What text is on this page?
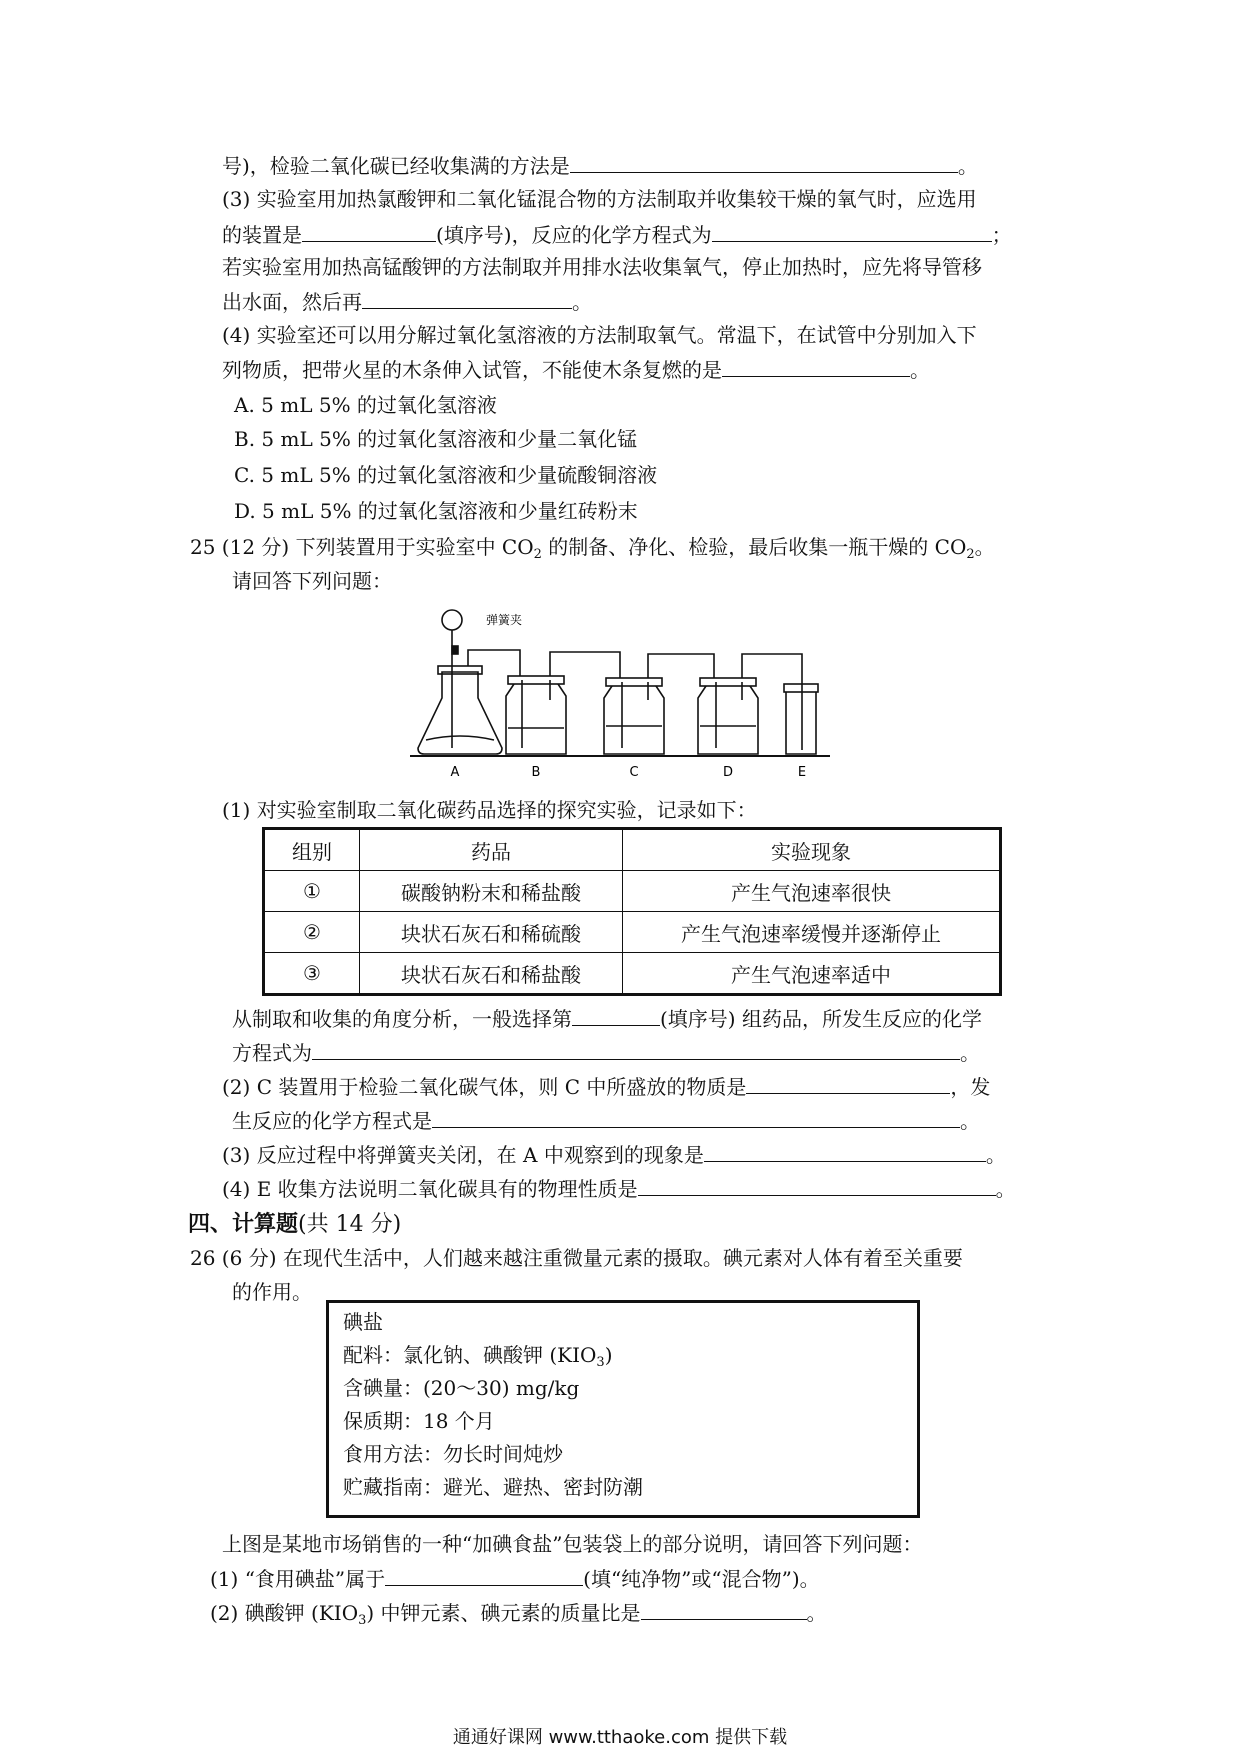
号)，检验二氧化碳已经收集满的方法是	。
(3) 实验室用加热氯酸钾和二氧化锰混合物的方法制取并收集较干燥的氧气时，应选用
的装置是	(填序号)，反应的化学方程式为	；
若实验室用加热高锰酸钾的方法制取并用排水法收集氧气，停止加热时，应先将导管移
出水面，然后再	。
(4) 实验室还可以用分解过氧化氢溶液的方法制取氧气。常温下，在试管中分别加入下
列物质，把带火星的木条伸入试管，不能使木条复燃的是	。
A. 5 mL 5% 的过氧化氢溶液
B. 5 mL 5% 的过氧化氢溶液和少量二氧化锰
C. 5 mL 5% 的过氧化氢溶液和少量硫酸铜溶液
D. 5 mL 5% 的过氧化氢溶液和少量红砖粉末
25 (12 分) 下列装置用于实验室中 $CO_2$ 的制备、净化、检验，最后收集一瓶干燥的 $CO_2$。
请回答下列问题：
弹簧夹
A	B	C	D	E
(1) 对实验室制取二氧化碳药品选择的探究实验，记录如下：
组别	药品	实验现象
①	碳酸钠粉末和稀盐酸	产生气泡速率很快
②	块状石灰石和稀硫酸	产生气泡速率缓慢并逐渐停止
③	块状石灰石和稀盐酸	产生气泡速率适中
从制取和收集的角度分析，一般选择第	(填序号) 组药品，所发生反应的化学
方程式为	。
(2) C 装置用于检验二氧化碳气体，则 C 中所盛放的物质是	，发
生反应的化学方程式是	。
(3) 反应过程中将弹簧夹关闭，在 A 中观察到的现象是	。
(4) E 收集方法说明二氧化碳具有的物理性质是	。
四、计算题(共 14 分)
26 (6 分) 在现代生活中，人们越来越注重微量元素的摄取。碘元素对人体有着至关重要
的作用。
碘盐
配料：氯化钠、碘酸钾 $(KIO_3)$
含碘量：(20～30) mg/kg
保质期：18 个月
食用方法：勿长时间炖炒
贮藏指南：避光、避热、密封防潮
上图是某地市场销售的一种“加碘食盐”包装袋上的部分说明，请回答下列问题：
(1) “食用碘盐”属于	(填“纯净物”或“混合物”)。
(2) 碘酸钾 $(KIO_3)$ 中钾元素、碘元素的质量比是	。
通通好课网 www.tthaoke.com 提供下载
